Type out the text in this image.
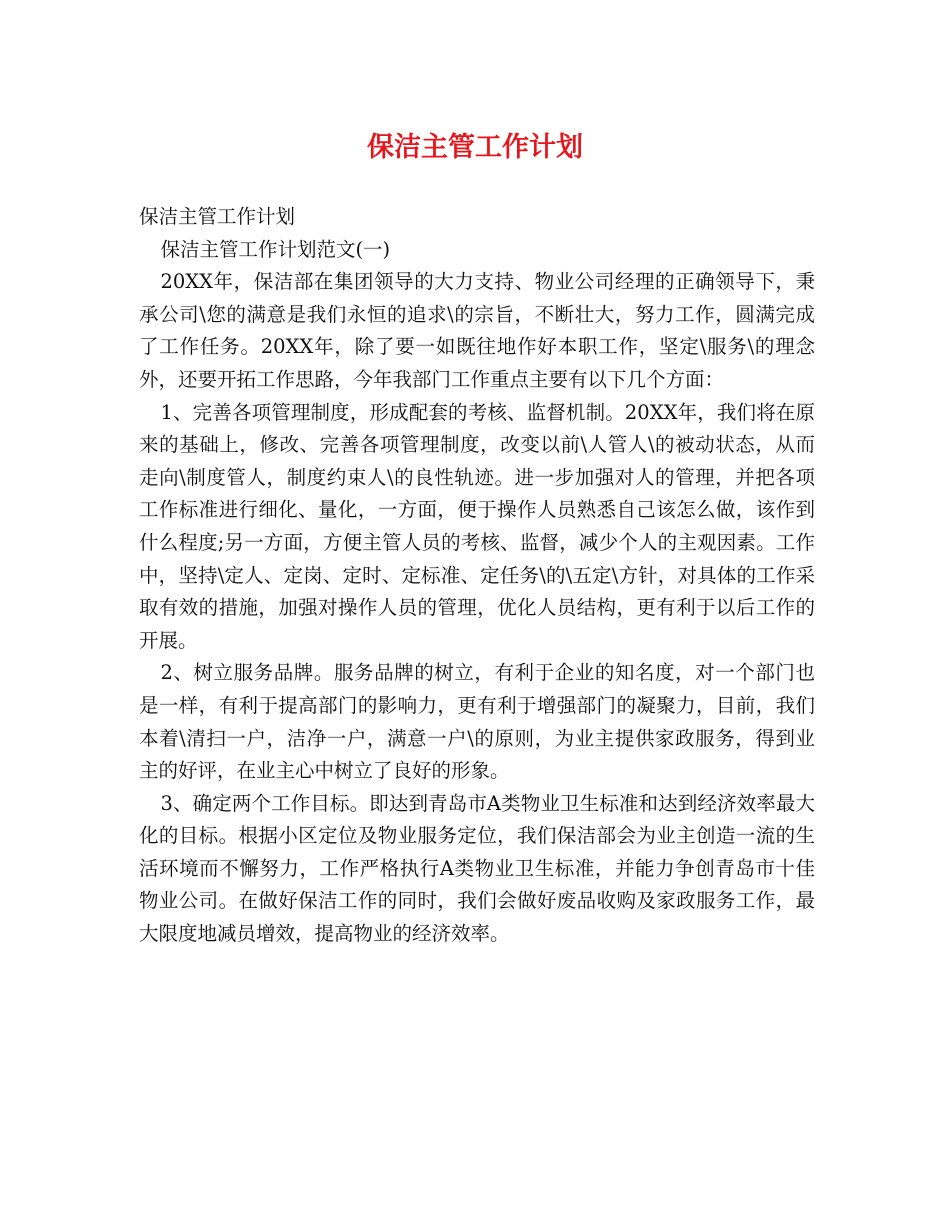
保洁主管工作计划

保洁主管工作计划

保洁主管工作计划范文(一)

20XX年，保洁部在集团领导的大力支持、物业公司经理的正确领导下，秉承公司\您的满意是我们永恒的追求\的宗旨，不断壮大，努力工作，圆满完成了工作任务。20XX年，除了要一如既往地作好本职工作，坚定\服务\的理念外，还要开拓工作思路，今年我部门工作重点主要有以下几个方面：

1、完善各项管理制度，形成配套的考核、监督机制。20XX年，我们将在原来的基础上，修改、完善各项管理制度，改变以前\人管人\的被动状态，从而走向\制度管人，制度约束人\的良性轨迹。进一步加强对人的管理，并把各项工作标准进行细化、量化，一方面，便于操作人员熟悉自己该怎么做，该作到什么程度;另一方面，方便主管人员的考核、监督，减少个人的主观因素。工作中，坚持\定人、定岗、定时、定标准、定任务\的\五定\方针，对具体的工作采取有效的措施，加强对操作人员的管理，优化人员结构，更有利于以后工作的开展。

2、树立服务品牌。服务品牌的树立，有利于企业的知名度，对一个部门也是一样，有利于提高部门的影响力，更有利于增强部门的凝聚力，目前，我们本着\清扫一户，洁净一户，满意一户\的原则，为业主提供家政服务，得到业主的好评，在业主心中树立了良好的形象。

3、确定两个工作目标。即达到青岛市A类物业卫生标准和达到经济效率最大化的目标。根据小区定位及物业服务定位，我们保洁部会为业主创造一流的生活环境而不懈努力，工作严格执行A类物业卫生标准，并能力争创青岛市十佳物业公司。在做好保洁工作的同时，我们会做好废品收购及家政服务工作，最大限度地减员增效，提高物业的经济效率。
